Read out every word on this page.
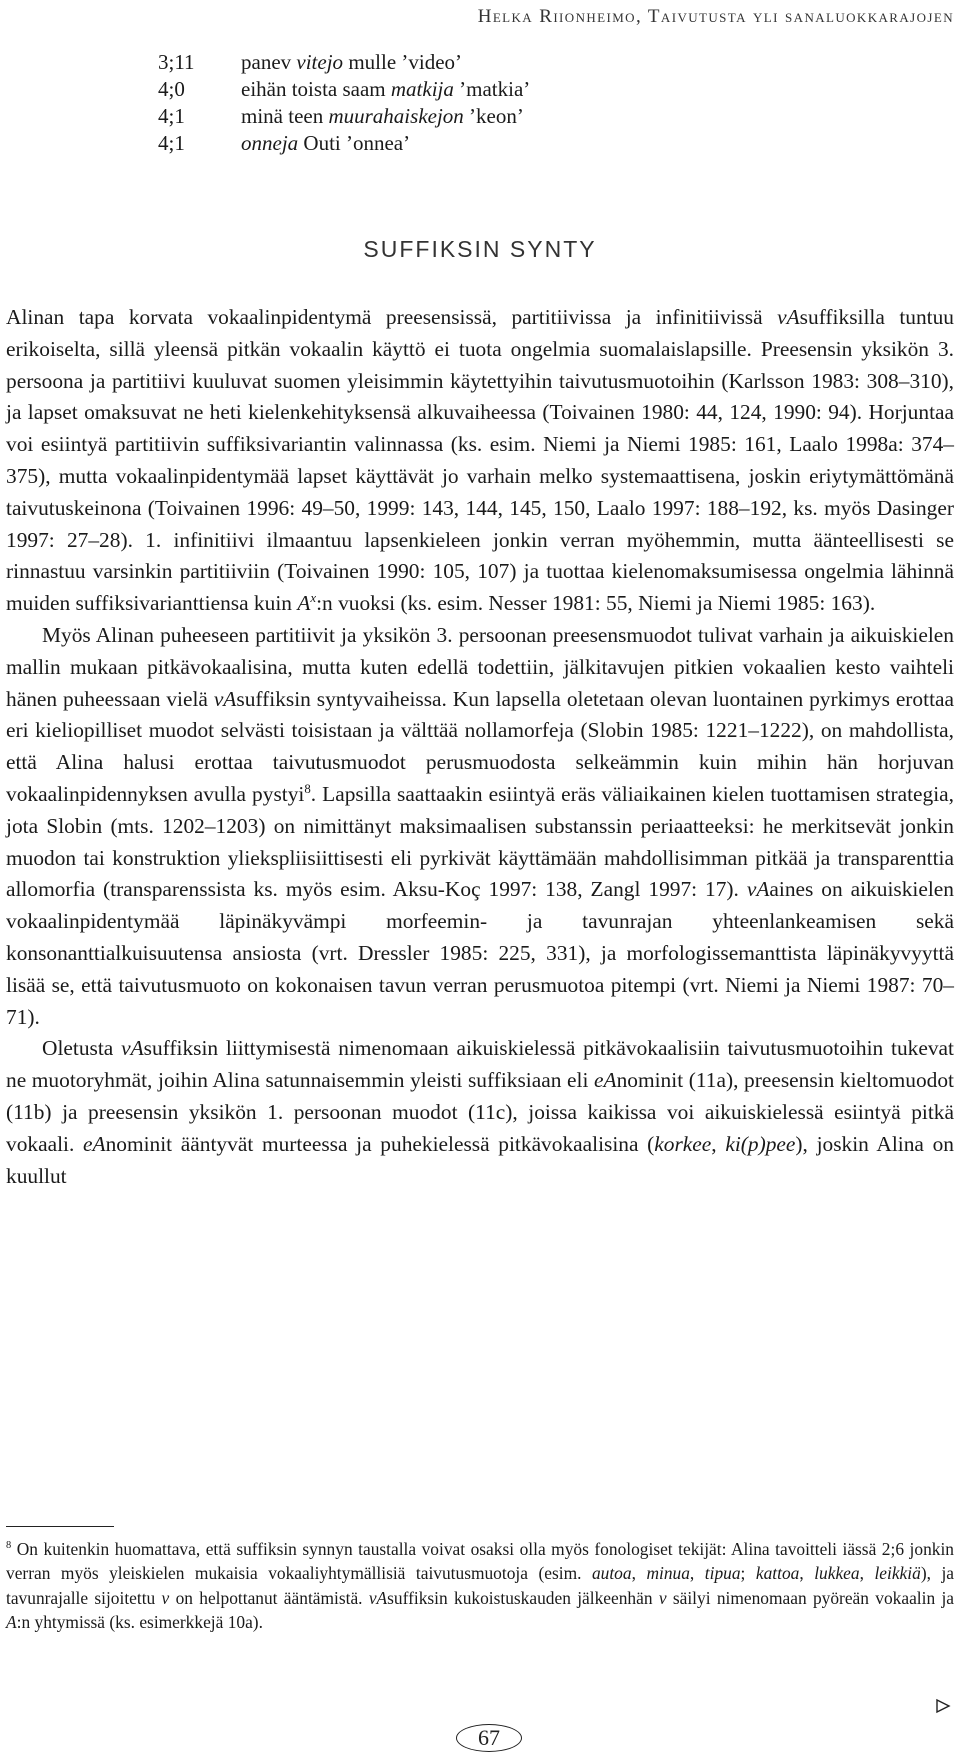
Helka Riionheimo, Taivutusta yli sanaluokkarajojen
3;11	panev vitejo mulle ’video’
4;0	eihän toista saam matkija ’matkia’
4;1	minä teen muurahaiskejon ’keon’
4;1	onneja Outi ’onnea’
SUFFIKSIN SYNTY

Alinan tapa korvata vokaalinpidentymä preesensissä, partitiivissa ja infinitiivissä vAsuffiksilla tuntuu erikoiselta, sillä yleensä pitkän vokaalin käyttö ei tuota ongelmia suomalaislapsille. Preesensin yksikön 3. persoona ja partitiivi kuuluvat suomen yleisimmin käytettyihin taivutusmuotoihin (Karlsson 1983: 308–310), ja lapset omaksuvat ne heti kielenkehityksensä alkuvaiheessa (Toivainen 1980: 44, 124, 1990: 94). Horjuntaa voi esiintyä partitiivin suffiksivariantin valinnassa (ks. esim. Niemi ja Niemi 1985: 161, Laalo 1998a: 374–375), mutta vokaalinpidentymää lapset käyttävät jo varhain melko systemaattisena, joskin eriytymättömänä taivutuskeinona (Toivainen 1996: 49–50, 1999: 143, 144, 145, 150, Laalo 1997: 188–192, ks. myös Dasinger 1997: 27–28). 1. infinitiivi ilmaantuu lapsenkieleen jonkin verran myöhemmin, mutta äänteellisesti se rinnastuu varsinkin partitiiviin (Toivainen 1990: 105, 107) ja tuottaa kielenomaksumisessa ongelmia lähinnä muiden suffiksivarianttiensa kuin $A^x:n$ vuoksi (ks. esim. Nesser 1981: 55, Niemi ja Niemi 1985: 163).

Myös Alinan puheeseen partitiivit ja yksikön 3. persoonan preesensmuodot tulivat varhain ja aikuiskielen mallin mukaan pitkävokaalisina, mutta kuten edellä todettiin, jälkitavujen pitkien vokaalien kesto vaihteli hänen puheessaan vielä vAsuffiksin syntyvaiheissa. Kun lapsella oletetaan olevan luontainen pyrkimys erottaa eri kieliopilliset muodot selvästi toisistaan ja välttää nollamorfeja (Slobin 1985: 1221–1222), on mahdollista, että Alina halusi erottaa taivutusmuodot perusmuodosta selkeämmin kuin mihin hän horjuvan vokaalinpidennyksen avulla pystyi$^8$. Lapsilla saattaakin esiintyä eräs väliaikainen kielen tuottamisen strategia, jota Slobin (mts. 1202–1203) on nimittänyt maksimaalisen substanssin periaatteeksi: he merkitsevät jonkin muodon tai konstruktion yliekspliisiittisesti eli pyrkivät käyttämään mahdollisimman pitkää ja transparenttia allomorfia (transparenssista ks. myös esim. Aksu-Koç 1997: 138, Zangl 1997: 17). vAaines on aikuiskielen vokaalinpidentymää läpinäkyvämpi morfeemin- ja tavunrajan yhteenlankeamisen sekä konsonanttialkuisuutensa ansiosta (vrt. Dressler 1985: 225, 331), ja morfologissemanttista läpinäkyvyyttä lisää se, että taivutusmuoto on kokonaisen tavun verran perusmuotoa pitempi (vrt. Niemi ja Niemi 1987: 70–71).

Oletusta vAsuffiksin liittymisestä nimenomaan aikuiskielessä pitkävokaalisiin taivutusmuotoihin tukevat ne muotoryhmät, joihin Alina satunnaisemmin yleisti suffiksiaan eli eAnominit (11a), preesensin kieltomuodot (11b) ja preesensin yksikön 1. persoonan muodot (11c), joissa kaikissa voi aikuiskielessä esiintyä pitkä vokaali. eAnominit ääntyvät murteessa ja puhekielessä pitkävokaalisina (korkee, ki(p)pee), joskin Alina on kuullut

$^8$ On kuitenkin huomattava, että suffiksin synnyn taustalla voivat osaksi olla myös fonologiset tekijät: Alina tavoitteli iässä 2;6 jonkin verran myös yleiskielen mukaisia vokaaliyhtymällisiä taivutusmuotoja (esim. autoa, minua, tipua; kattoa, lukkea, leikkiä), ja tavunrajalle sijoitettu v on helpottanut ääntämistä. vAsuffiksin kukoistuskauden jälkeenhän v säilyi nimenomaan pyöreän vokaalin ja A:n yhtymissä (ks. esimerkkejä 10a).

67
